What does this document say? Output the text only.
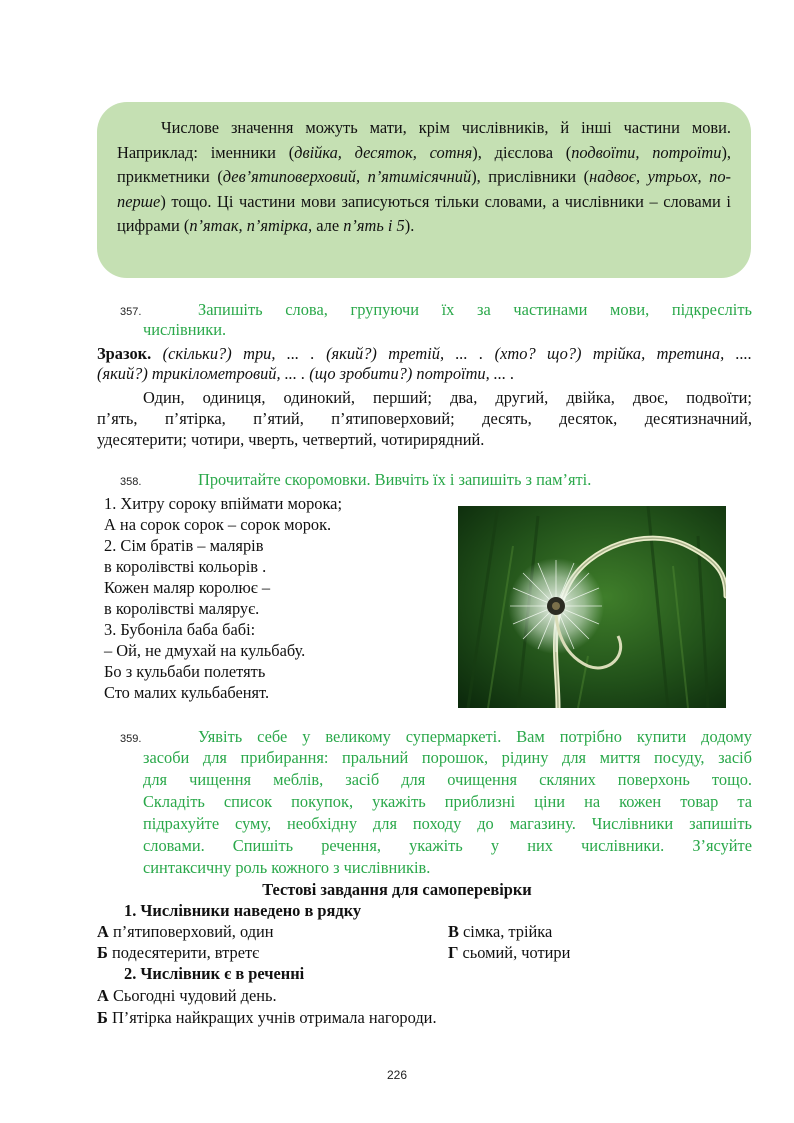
Числове значення можуть мати, крім числівників, й інші частини мови. Наприклад: іменники (двійка, десяток, сотня), дієслова (подвоїти, потроїти), прикметники (дев’ятиповерховий, п’ятимісячний), прислівники (надвоє, утрьох, по-перше) тощо. Ці частини мови записуються тільки словами, а числівники – словами і цифрами (п’ятак, п’ятірка, але п’ять і 5).

357.	Запишіть слова, групуючи їх за частинами мови, підкресліть
числівники.
Зразок. (скільки?) три, ... . (який?) третій, ... . (хто? що?) трійка, третина, ....
(який?) трикілометровий, ... . (що зробити?) потроїти, ... .
Один, одиниця, одинокий, перший; два, другий, двійка, двоє, подвоїти;
п’ять, п’ятірка, п’ятий, п’ятиповерховий; десять, десяток, десятизначний,
удесятерити; чотири, чверть, четвертий, чотирирядний.
358.	Прочитайте скоромовки. Вивчіть їх і запишіть з пам’яті.
1. Хитру сороку впіймати морока;
А на сорок сорок – сорок морок.
2. Сім братів – малярів
в королівстві кольорів .
Кожен маляр королює –
в королівстві малярує.
3. Бубоніла баба бабі:
– Ой, не дмухай на кульбабу.
Бо з кульбаби полетять
Сто малих кульбабенят.
359.	Уявіть себе у великому супермаркеті. Вам потрібно купити додому
засоби для прибирання: пральний порошок, рідину для миття посуду, засіб
для чищення меблів, засіб для очищення скляних поверхонь тощо.
Складіть список покупок, укажіть приблизні ціни на кожен товар та
підрахуйте суму, необхідну для походу до магазину. Числівники запишіть
словами. Спишіть речення, укажіть у них числівники. З’ясуйте
синтаксичну роль кожного з числівників.
Тестові завдання для самоперевірки
1. Числівники наведено в рядку
А п’ятиповерховий, один	В сімка, трійка
Б подесятерити, втретє	Г сьомий, чотири
2. Числівник є в реченні
А Сьогодні чудовий день.
Б П’ятірка найкращих учнів отримала нагороди.
226
